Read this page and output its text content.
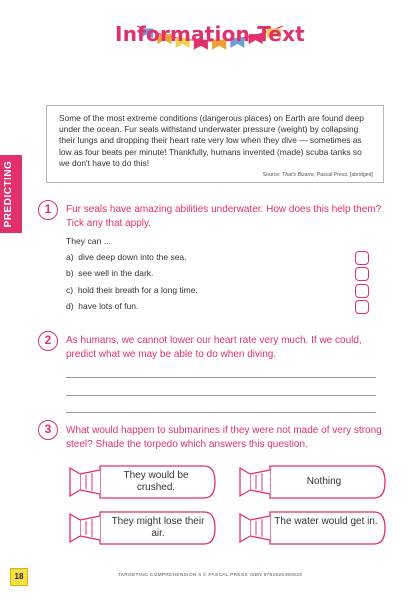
Information Text

Some of the most extreme conditions (dangerous places) on Earth are found deep under the ocean. Fur seals withstand underwater pressure (weight) by collapsing their lungs and dropping their heart rate very low when they dive — sometimes as low as four beats per minute! Thankfully, humans invented (made) scuba tanks so we don't have to do this!

Source: That's Bizarre, Pascal Press. [abridged]

PREDICTING	1	Fur seals have amazing abilities underwater. How does this help them? Tick any that apply.
They can ...
a) dive deep down into the sea.
b) see well in the dark.
c) hold their breath for a long time.
d) have lots of fun.
2	As humans, we cannot lower our heart rate very much. If we could, predict what we may be able to do when diving.
3	What would happen to submarines if they were not made of very strong steel? Shade the torpedo which answers this question.
They would be crushed.
Nothing
They might lose their air.
The water would get in.
18	TARGETING COMPREHENSION 4 © PASCAL PRESS ISBN 9781925490633
